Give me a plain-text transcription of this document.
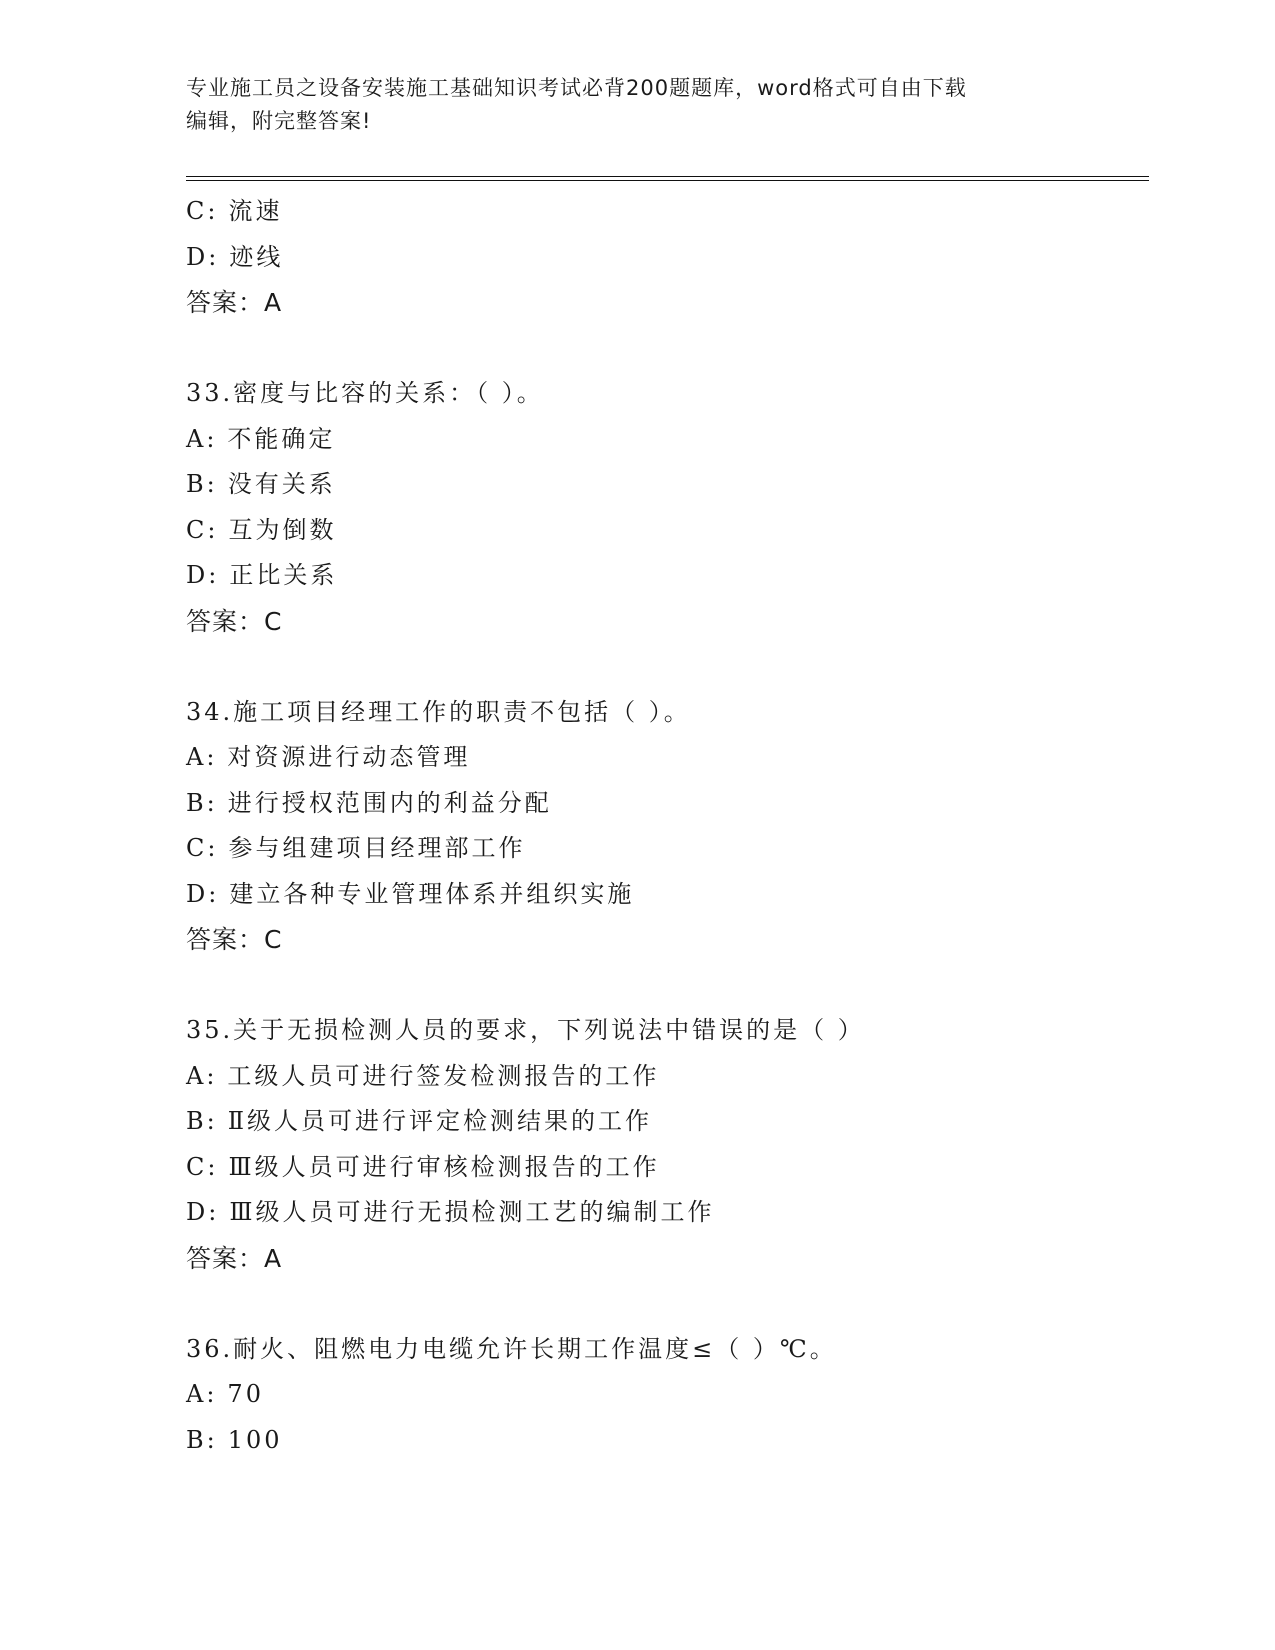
专业施工员之设备安装施工基础知识考试必背200题题库，word格式可自由下载
编辑，附完整答案!
C: 流速
D: 迹线
答案：A
33.密度与比容的关系：（ ）。
A: 不能确定
B: 没有关系
C: 互为倒数
D: 正比关系
答案：C
34.施工项目经理工作的职责不包括（ ）。
A: 对资源进行动态管理
B: 进行授权范围内的利益分配
C: 参与组建项目经理部工作
D: 建立各种专业管理体系并组织实施
答案：C
35.关于无损检测人员的要求，下列说法中错误的是（ ）
A: 工级人员可进行签发检测报告的工作
B: Ⅱ级人员可进行评定检测结果的工作
C: Ⅲ级人员可进行审核检测报告的工作
D: Ⅲ级人员可进行无损检测工艺的编制工作
答案：A
36.耐火、阻燃电力电缆允许长期工作温度≤（ ）℃。
A: 70
B: 100
